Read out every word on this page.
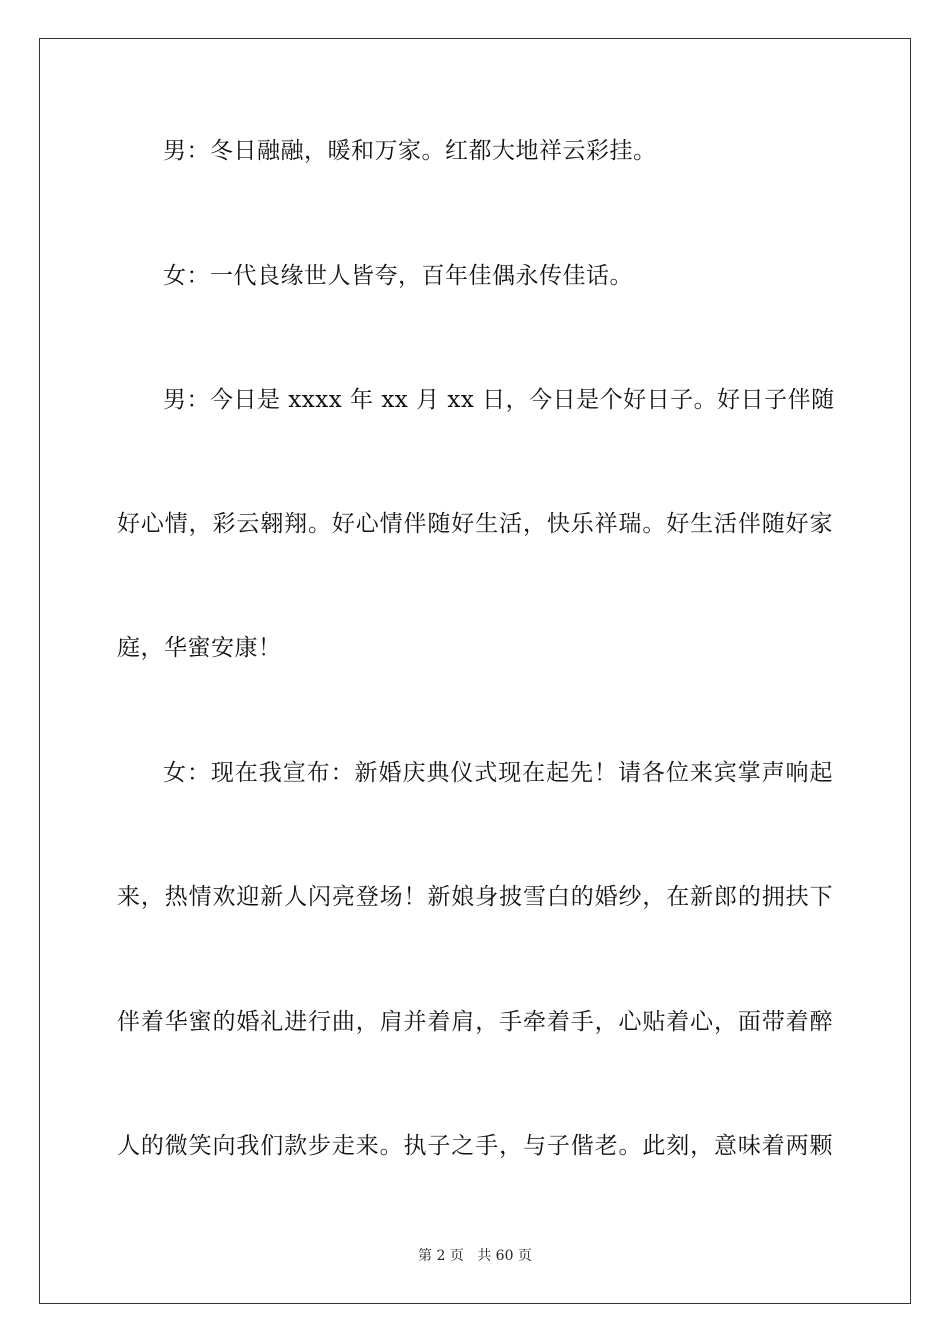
男：冬日融融，暖和万家。红都大地祥云彩挂。
女：一代良缘世人皆夸，百年佳偶永传佳话。
男：今日是 xxxx 年 xx 月 xx 日，今日是个好日子。好日子伴随
好心情，彩云翱翔。好心情伴随好生活，快乐祥瑞。好生活伴随好家
庭，华蜜安康！
女：现在我宣布：新婚庆典仪式现在起先！请各位来宾掌声响起
来，热情欢迎新人闪亮登场！新娘身披雪白的婚纱，在新郎的拥扶下
伴着华蜜的婚礼进行曲，肩并着肩，手牵着手，心贴着心，面带着醉
人的微笑向我们款步走来。执子之手，与子偕老。此刻，意味着两颗
第 2 页 共 60 页
